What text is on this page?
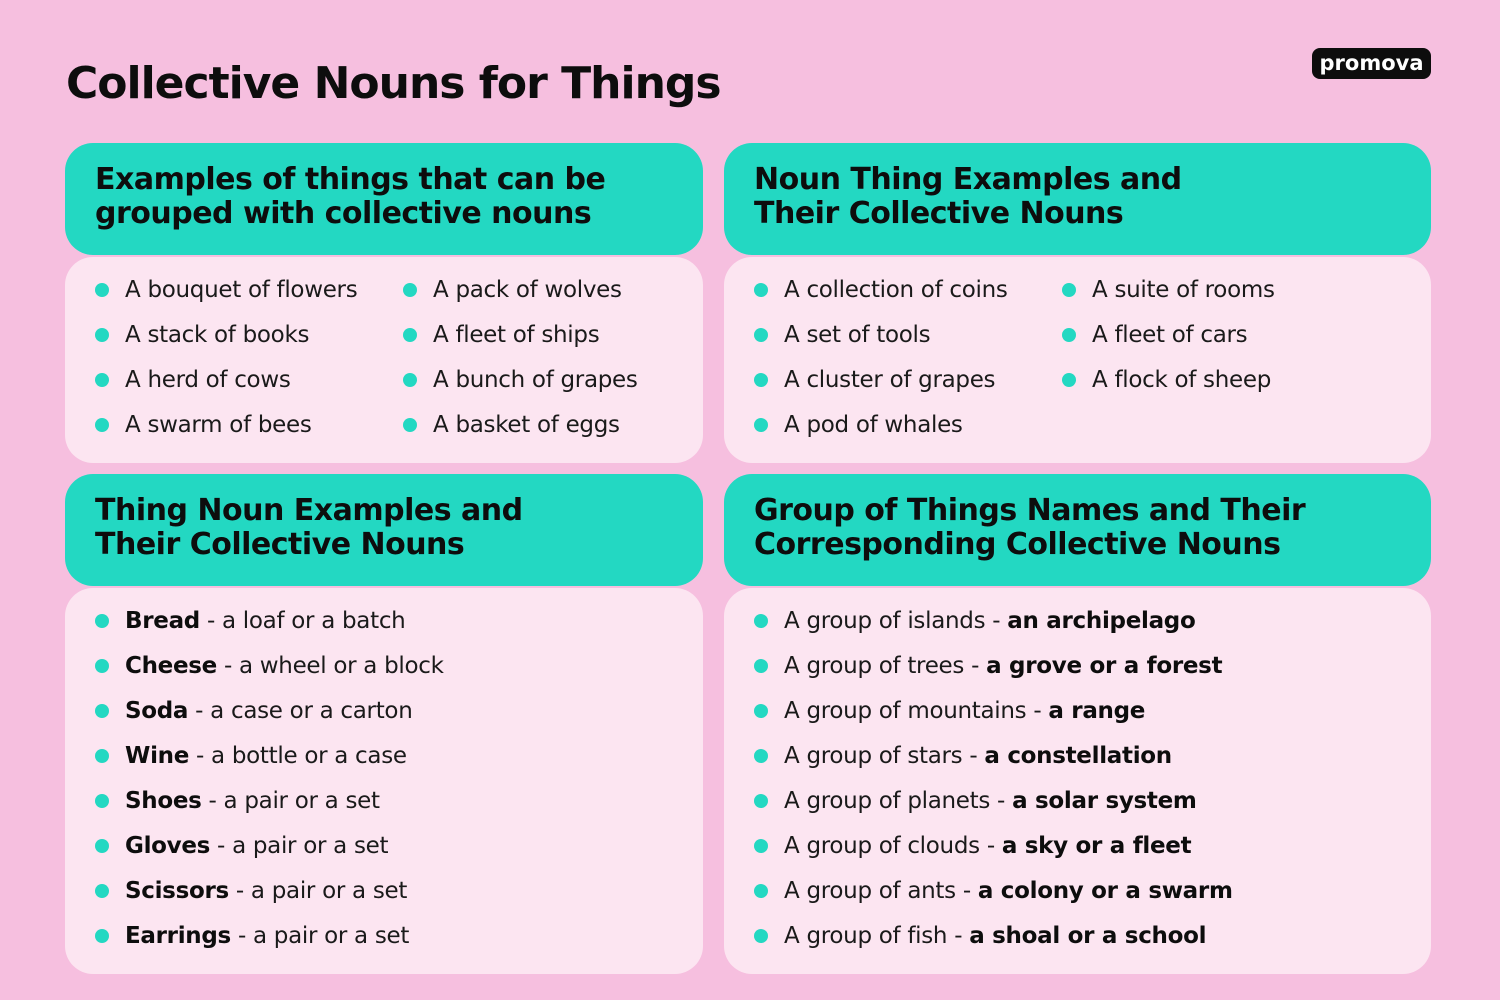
Collective Nouns for Things	promova
A bouquet of flowers
A stack of books
A herd of cows
A swarm of bees
A pack of wolves
A fleet of ships
A bunch of grapes
A basket of eggs
Examples of things that can be
grouped with collective nouns
A collection of coins
A set of tools
A cluster of grapes
A pod of whales
A suite of rooms
A fleet of cars
A flock of sheep
Noun Thing Examples and
Their Collective Nouns
Bread - a loaf or a batch
Cheese - a wheel or a block
Soda - a case or a carton
Wine - a bottle or a case
Shoes - a pair or a set
Gloves - a pair or a set
Scissors - a pair or a set
Earrings - a pair or a set
Thing Noun Examples and
Their Collective Nouns
A group of islands - an archipelago
A group of trees - a grove or a forest
A group of mountains - a range
A group of stars - a constellation
A group of planets - a solar system
A group of clouds - a sky or a fleet
A group of ants - a colony or a swarm
A group of fish - a shoal or a school
Group of Things Names and Their
Corresponding Collective Nouns
